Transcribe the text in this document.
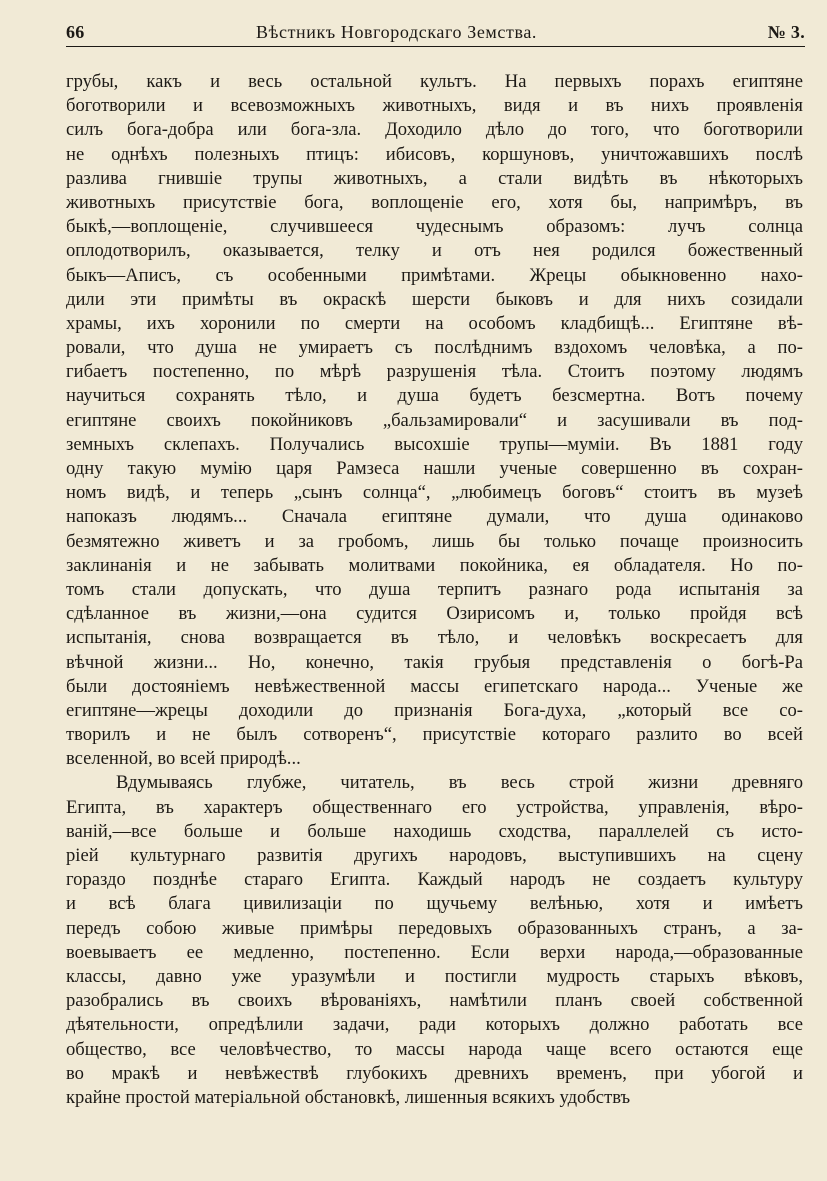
66	Вѣстникъ Новгородскаго Земства.	№ 3.
грубы, какъ и весь остальной культъ. На первыхъ порахъ египтяне
боготворили и всевозможныхъ животныхъ, видя и въ нихъ проявленія
силъ бога-добра или бога-зла. Доходило дѣло до того, что боготворили
не однѣхъ полезныхъ птицъ: ибисовъ, коршуновъ, уничтожавшихъ послѣ
разлива гнившіе трупы животныхъ, а стали видѣть въ нѣкоторыхъ
животныхъ присутствіе бога, воплощеніе его, хотя бы, напримѣръ, въ
быкѣ,—воплощеніе, случившееся чудеснымъ образомъ: лучъ солнца
оплодотворилъ, оказывается, телку и отъ нея родился божественный
быкъ—Аписъ, съ особенными примѣтами. Жрецы обыкновенно нахо-
дили эти примѣты въ окраскѣ шерсти быковъ и для нихъ созидали
храмы, ихъ хоронили по смерти на особомъ кладбищѣ... Египтяне вѣ-
ровали, что душа не умираетъ съ послѣднимъ вздохомъ человѣка, а по-
гибаетъ постепенно, по мѣрѣ разрушенія тѣла. Стоитъ поэтому людямъ
научиться сохранять тѣло, и душа будетъ безсмертна. Вотъ почему
египтяне своихъ покойниковъ „бальзамировали“ и засушивали въ под-
земныхъ склепахъ. Получались высохшіе трупы—мумiи. Въ 1881 году
одну такую мумію царя Рамзеса нашли ученые совершенно въ сохран-
номъ видѣ, и теперь „сынъ солнца“, „любимецъ боговъ“ стоитъ въ музеѣ
напоказъ людямъ... Сначала египтяне думали, что душа одинаково
безмятежно живетъ и за гробомъ, лишь бы только почаще произносить
заклинанія и не забывать молитвами покойника, ея обладателя. Но по-
томъ стали допускать, что душа терпитъ разнаго рода испытанія за
сдѣланное въ жизни,—она судится Озирисомъ и, только пройдя всѣ
испытанія, снова возвращается въ тѣло, и человѣкъ воскресаетъ для
вѣчной жизни... Но, конечно, такія грубыя представленія о богѣ-Ра
были достояніемъ невѣжественной массы египетскаго народа... Ученые же
египтяне—жрецы доходили до признанія Бога-духа, „который все со-
творилъ и не былъ сотворенъ“, присутствіе котораго разлито во всей
вселенной, во всей природѣ...
Вдумываясь глубже, читатель, въ весь строй жизни древняго
Египта, въ характеръ общественнаго его устройства, управленія, вѣро-
ваній,—все больше и больше находишь сходства, параллелей съ исто-
ріей культурнаго развитія другихъ народовъ, выступившихъ на сцену
гораздо позднѣе стараго Египта. Каждый народъ не создаетъ культуру
и всѣ блага цивилизаціи по щучьему велѣнью, хотя и имѣетъ
передъ собою живые примѣры передовыхъ образованныхъ странъ, а за-
воевываетъ ее медленно, постепенно. Если верхи народа,—образованные
классы, давно уже уразумѣли и постигли мудрость старыхъ вѣковъ,
разобрались въ своихъ вѣрованіяхъ, намѣтили планъ своей собственной
дѣятельности, опредѣлили задачи, ради которыхъ должно работать все
общество, все человѣчество, то массы народа чаще всего остаются еще
во мракѣ и невѣжествѣ глубокихъ древнихъ временъ, при убогой и
крайне простой матеріальной обстановкѣ, лишенныя всякихъ удобствъ
